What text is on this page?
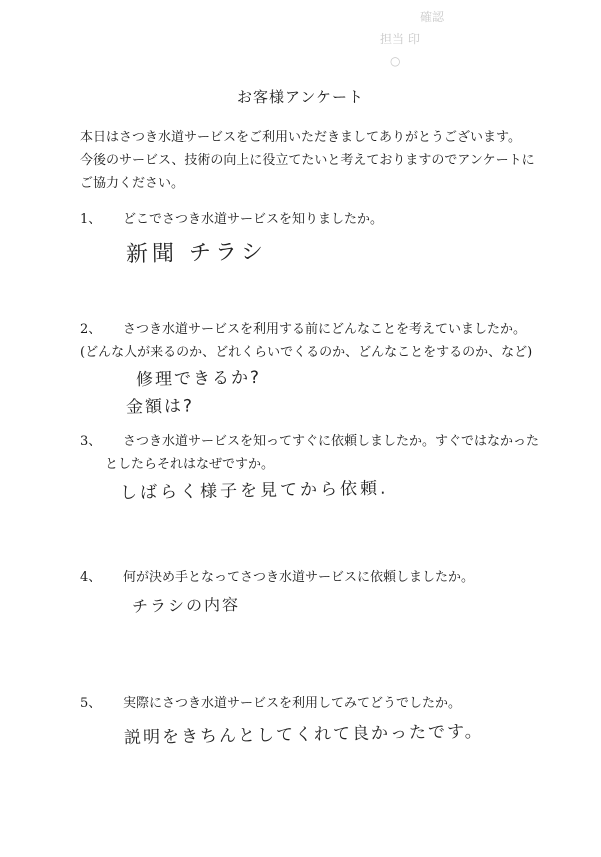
確認
担当 印
○
お客様アンケート
本日はさつき水道サービスをご利用いただきましてありがとうございます。
今後のサービス、技術の向上に役立てたいと考えておりますのでアンケートに
ご協力ください。
1、 どこでさつき水道サービスを知りましたか。
新聞 チラシ
2、 さつき水道サービスを利用する前にどんなことを考えていましたか。
(どんな人が来るのか、どれくらいでくるのか、どんなことをするのか、など)
修理できるか?
金額は?
3、 さつき水道サービスを知ってすぐに依頼しましたか。すぐではなかった
としたらそれはなぜですか。
しばらく様子を見てから依頼.
4、 何が決め手となってさつき水道サービスに依頼しましたか。
チラシの内容
5、 実際にさつき水道サービスを利用してみてどうでしたか。
説明をきちんとしてくれて良かったです。
